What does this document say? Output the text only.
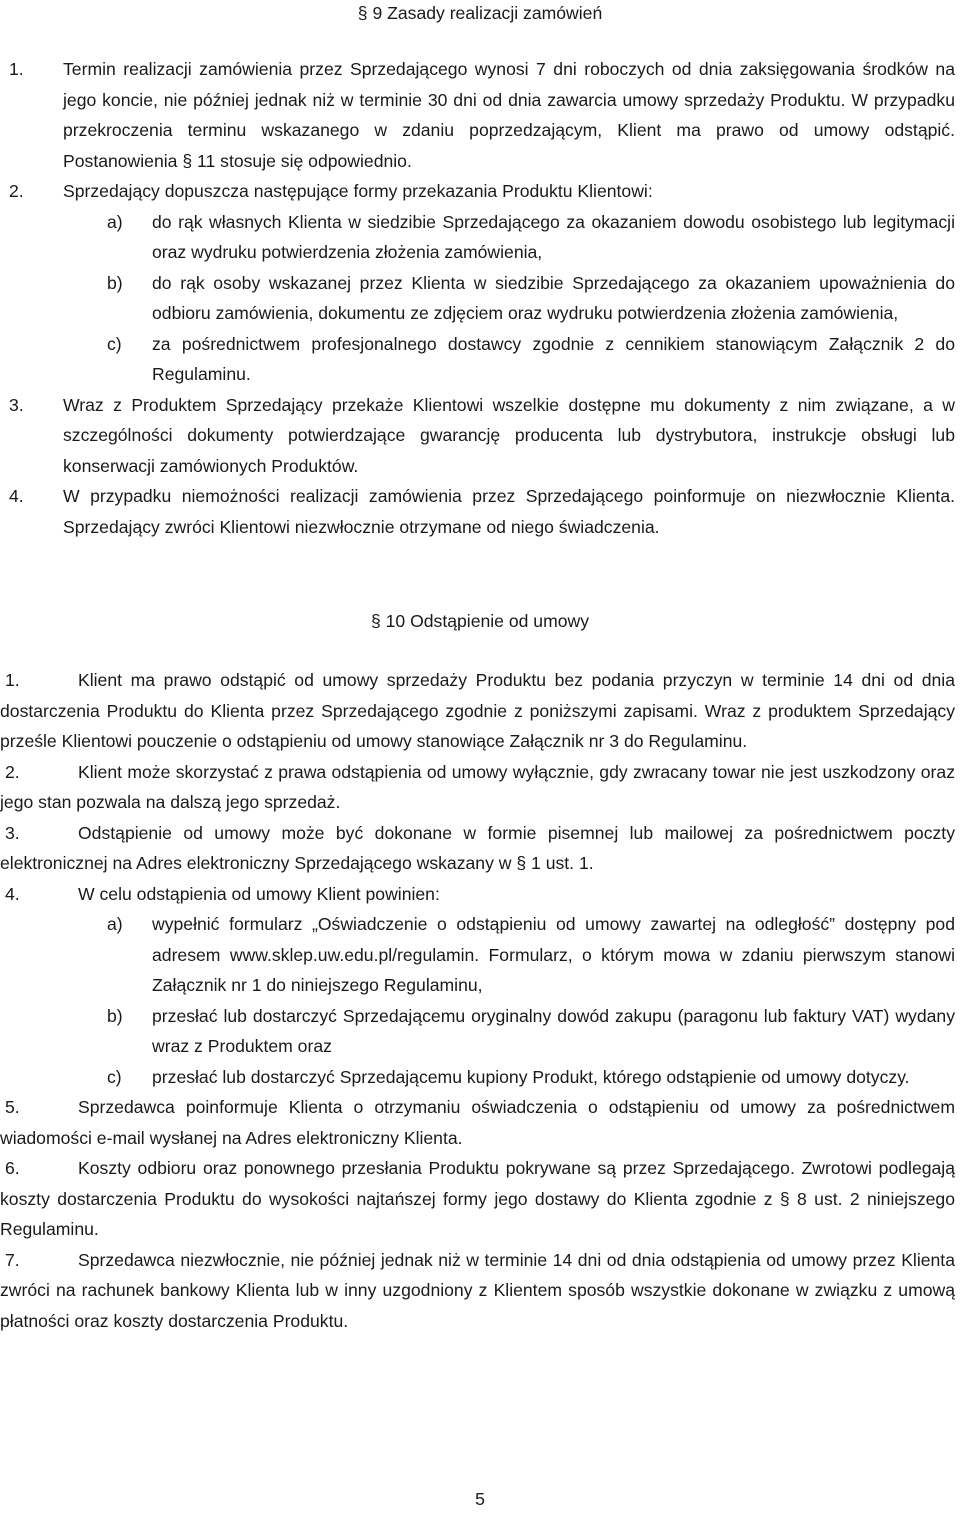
§ 9 Zasady realizacji zamówień
1. Termin realizacji zamówienia przez Sprzedającego wynosi 7 dni roboczych od dnia zaksięgowania środków na jego koncie, nie później jednak niż w terminie 30 dni od dnia zawarcia umowy sprzedaży Produktu. W przypadku przekroczenia terminu wskazanego w zdaniu poprzedzającym, Klient ma prawo od umowy odstąpić. Postanowienia § 11 stosuje się odpowiednio.

2. Sprzedający dopuszcza następujące formy przekazania Produktu Klientowi:

a) do rąk własnych Klienta w siedzibie Sprzedającego za okazaniem dowodu osobistego lub legitymacji oraz wydruku potwierdzenia złożenia zamówienia,

b) do rąk osoby wskazanej przez Klienta w siedzibie Sprzedającego za okazaniem upoważnienia do odbioru zamówienia, dokumentu ze zdjęciem oraz wydruku potwierdzenia złożenia zamówienia,

c) za pośrednictwem profesjonalnego dostawcy zgodnie z cennikiem stanowiącym Załącznik 2 do Regulaminu.

3. Wraz z Produktem Sprzedający przekaże Klientowi wszelkie dostępne mu dokumenty z nim związane, a w szczególności dokumenty potwierdzające gwarancję producenta lub dystrybutora, instrukcje obsługi lub konserwacji zamówionych Produktów.

4. W przypadku niemożności realizacji zamówienia przez Sprzedającego poinformuje on niezwłocznie Klienta. Sprzedający zwróci Klientowi niezwłocznie otrzymane od niego świadczenia.

§ 10 Odstąpienie od umowy
1.	Klient ma prawo odstąpić od umowy sprzedaży Produktu bez podania przyczyn w terminie 14 dni od dnia dostarczenia Produktu do Klienta przez Sprzedającego zgodnie z poniższymi zapisami. Wraz z produktem Sprzedający prześle Klientowi pouczenie o odstąpieniu od umowy stanowiące Załącznik nr 3 do Regulaminu.

2.	Klient może skorzystać z prawa odstąpienia od umowy wyłącznie, gdy zwracany towar nie jest uszkodzony oraz jego stan pozwala na dalszą jego sprzedaż.

3.	Odstąpienie od umowy może być dokonane w formie pisemnej lub mailowej za pośrednictwem poczty elektronicznej na Adres elektroniczny Sprzedającego wskazany w § 1 ust. 1.

4.	W celu odstąpienia od umowy Klient powinien:

a) wypełnić formularz „Oświadczenie o odstąpieniu od umowy zawartej na odległość” dostępny pod adresem www.sklep.uw.edu.pl/regulamin. Formularz, o którym mowa w zdaniu pierwszym stanowi Załącznik nr 1 do niniejszego Regulaminu,

b) przesłać lub dostarczyć Sprzedającemu oryginalny dowód zakupu (paragonu lub faktury VAT) wydany wraz z Produktem oraz

c) przesłać lub dostarczyć Sprzedającemu kupiony Produkt, którego odstąpienie od umowy dotyczy.

5.	Sprzedawca poinformuje Klienta o otrzymaniu oświadczenia o odstąpieniu od umowy za pośrednictwem wiadomości e-mail wysłanej na Adres elektroniczny Klienta.

6.	Koszty odbioru oraz ponownego przesłania Produktu pokrywane są przez Sprzedającego. Zwrotowi podlegają koszty dostarczenia Produktu do wysokości najtańszej formy jego dostawy do Klienta zgodnie z § 8 ust. 2 niniejszego Regulaminu.

7.	Sprzedawca niezwłocznie, nie później jednak niż w terminie 14 dni od dnia odstąpienia od umowy przez Klienta zwróci na rachunek bankowy Klienta lub w inny uzgodniony z Klientem sposób wszystkie dokonane w związku z umową płatności oraz koszty dostarczenia Produktu.

5
